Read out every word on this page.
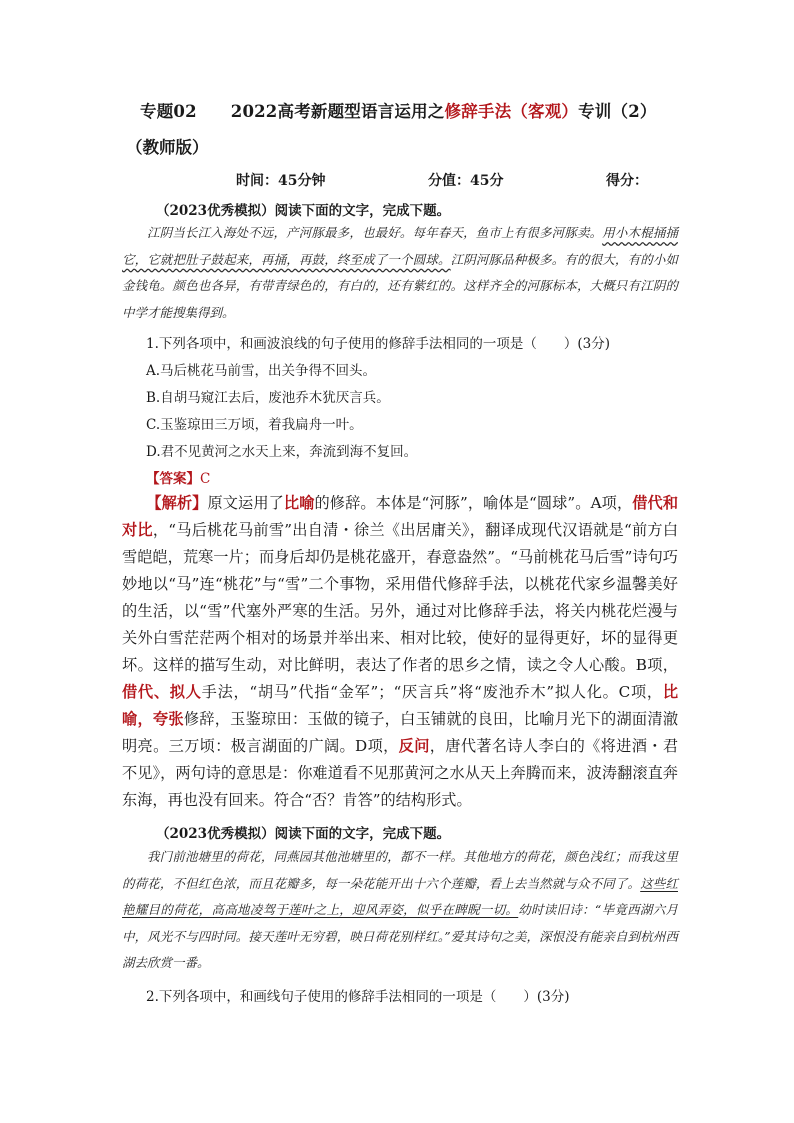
专题02 2022高考新题型语言运用之修辞手法（客观）专训（2）
（教师版）
时间：45分钟	分值：45分	得分：
（2023优秀模拟）阅读下面的文字，完成下题。
江阴当长江入海处不远，产河豚最多，也最好。每年春天，鱼市上有很多河豚卖。用小木棍捅捅它，它就把肚子鼓起来，再捅，再鼓，终至成了一个圆球。江阴河豚品种极多。有的很大，有的小如金钱龟。颜色也各异，有带青绿色的，有白的，还有紫红的。这样齐全的河豚标本，大概只有江阴的中学才能搜集得到。
1.下列各项中，和画波浪线的句子使用的修辞手法相同的一项是（　　）(3分)
A.马后桃花马前雪，出关争得不回头。
B.自胡马窥江去后，废池乔木犹厌言兵。
C.玉鉴琼田三万顷，着我扁舟一叶。
D.君不见黄河之水天上来，奔流到海不复回。
【答案】C
【解析】原文运用了比喻的修辞。本体是“河豚”，喻体是“圆球”。A项，借代和对比，“马后桃花马前雪”出自清・徐兰《出居庸关》，翻译成现代汉语就是“前方白雪皑皑，荒寒一片；而身后却仍是桃花盛开，春意盎然”。“马前桃花马后雪”诗句巧妙地以“马”连“桃花”与“雪”二个事物，采用借代修辞手法，以桃花代家乡温馨美好的生活，以“雪”代塞外严寒的生活。另外，通过对比修辞手法，将关内桃花烂漫与关外白雪茫茫两个相对的场景并举出来、相对比较，使好的显得更好，坏的显得更坏。这样的描写生动，对比鲜明，表达了作者的思乡之情，读之令人心酸。B项，借代、拟人手法，“胡马”代指“金军”；“厌言兵”将“废池乔木”拟人化。C项，比喻，夸张修辞，玉鉴琼田：玉做的镜子，白玉铺就的良田，比喻月光下的湖面清澈明亮。三万顷：极言湖面的广阔。D项，反问，唐代著名诗人李白的《将进酒・君不见》，两句诗的意思是：你难道看不见那黄河之水从天上奔腾而来，波涛翻滚直奔东海，再也没有回来。符合“否？肯答”的结构形式。
（2023优秀模拟）阅读下面的文字，完成下题。
我门前池塘里的荷花，同燕园其他池塘里的，都不一样。其他地方的荷花，颜色浅红；而我这里的荷花，不但红色浓，而且花瓣多，每一朵花能开出十六个莲瓣，看上去当然就与众不同了。这些红艳耀目的荷花，高高地凌驾于莲叶之上，迎风弄姿，似乎在睥睨一切。幼时读旧诗：“毕竟西湖六月中，风光不与四时同。接天莲叶无穷碧，映日荷花别样红。”爱其诗句之美，深恨没有能亲自到杭州西湖去欣赏一番。
2.下列各项中，和画线句子使用的修辞手法相同的一项是（　　）(3分)
